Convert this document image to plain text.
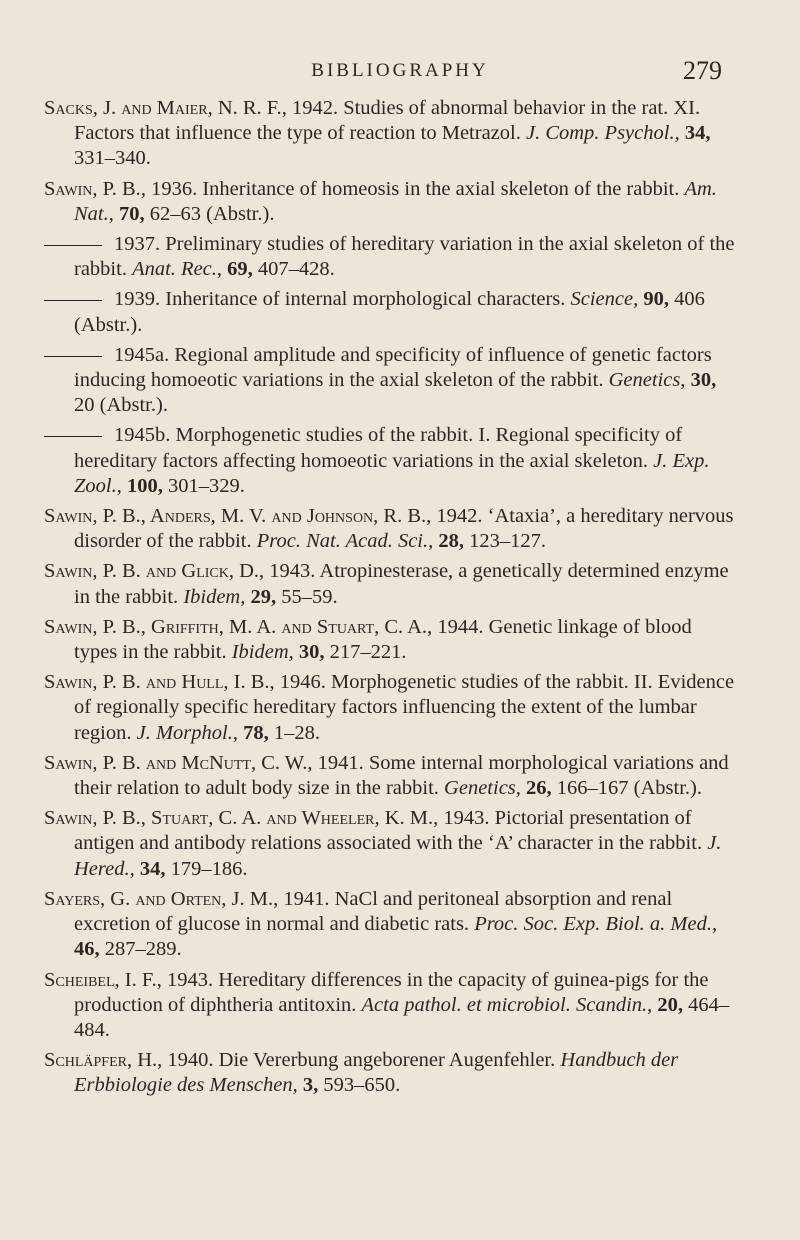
BIBLIOGRAPHY	279

Sacks, J. and Maier, N. R. F., 1942. Studies of abnormal behavior in the rat. XI. Factors that influence the type of reaction to Metrazol. J. Comp. Psychol., 34, 331–340.

Sawin, P. B., 1936. Inheritance of homeosis in the axial skeleton of the rabbit. Am. Nat., 70, 62–63 (Abstr.).

1937. Preliminary studies of hereditary variation in the axial skeleton of the rabbit. Anat. Rec., 69, 407–428.

1939. Inheritance of internal morphological characters. Science, 90, 406 (Abstr.).

1945a. Regional amplitude and specificity of influence of genetic factors inducing homoeotic variations in the axial skeleton of the rabbit. Genetics, 30, 20 (Abstr.).

1945b. Morphogenetic studies of the rabbit. I. Regional specificity of hereditary factors affecting homoeotic variations in the axial skeleton. J. Exp. Zool., 100, 301–329.

Sawin, P. B., Anders, M. V. and Johnson, R. B., 1942. ‘Ataxia’, a hereditary nervous disorder of the rabbit. Proc. Nat. Acad. Sci., 28, 123–127.

Sawin, P. B. and Glick, D., 1943. Atropinesterase, a genetically determined enzyme in the rabbit. Ibidem, 29, 55–59.

Sawin, P. B., Griffith, M. A. and Stuart, C. A., 1944. Genetic linkage of blood types in the rabbit. Ibidem, 30, 217–221.

Sawin, P. B. and Hull, I. B., 1946. Morphogenetic studies of the rabbit. II. Evidence of regionally specific hereditary factors influencing the extent of the lumbar region. J. Morphol., 78, 1–28.

Sawin, P. B. and McNutt, C. W., 1941. Some internal morphological variations and their relation to adult body size in the rabbit. Genetics, 26, 166–167 (Abstr.).

Sawin, P. B., Stuart, C. A. and Wheeler, K. M., 1943. Pictorial presentation of antigen and antibody relations associated with the ‘A’ character in the rabbit. J. Hered., 34, 179–186.

Sayers, G. and Orten, J. M., 1941. NaCl and peritoneal absorption and renal excretion of glucose in normal and diabetic rats. Proc. Soc. Exp. Biol. a. Med., 46, 287–289.

Scheibel, I. F., 1943. Hereditary differences in the capacity of guinea-pigs for the production of diphtheria antitoxin. Acta pathol. et microbiol. Scandin., 20, 464–484.

Schläpfer, H., 1940. Die Vererbung angeborener Augenfehler. Handbuch der Erbbiologie des Menschen, 3, 593–650.
